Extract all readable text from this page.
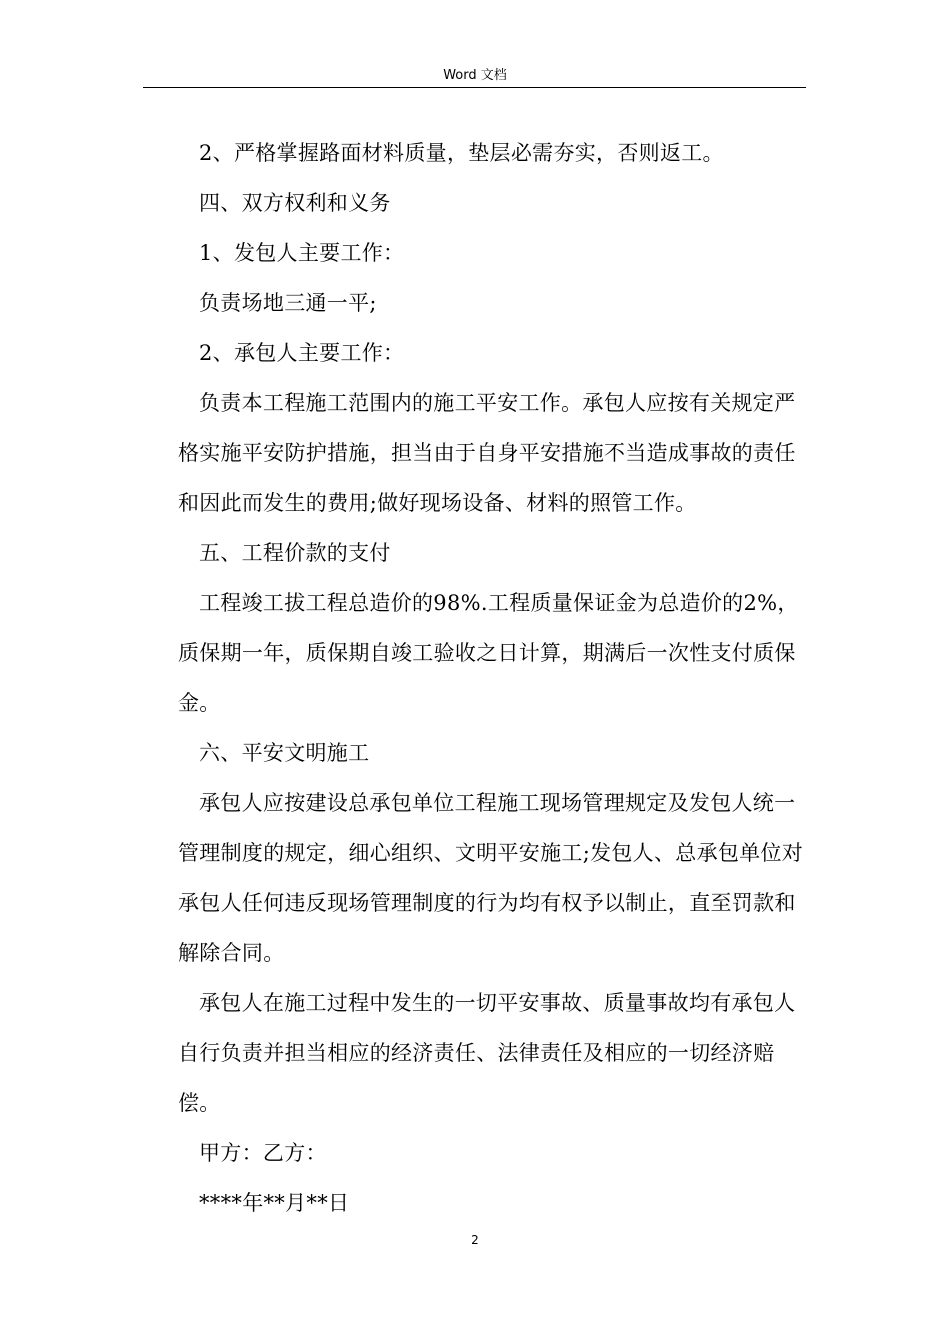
Word 文档

2、严格掌握路面材料质量，垫层必需夯实，否则返工。

四、双方权利和义务

1、发包人主要工作：

负责场地三通一平;

2、承包人主要工作：

负责本工程施工范围内的施工平安工作。承包人应按有关规定严格实施平安防护措施，担当由于自身平安措施不当造成事故的责任和因此而发生的费用;做好现场设备、材料的照管工作。

五、工程价款的支付

工程竣工拔工程总造价的98%.工程质量保证金为总造价的2%，质保期一年，质保期自竣工验收之日计算，期满后一次性支付质保金。

六、平安文明施工

承包人应按建设总承包单位工程施工现场管理规定及发包人统一管理制度的规定，细心组织、文明平安施工;发包人、总承包单位对承包人任何违反现场管理制度的行为均有权予以制止，直至罚款和解除合同。

承包人在施工过程中发生的一切平安事故、质量事故均有承包人自行负责并担当相应的经济责任、法律责任及相应的一切经济赔偿。

甲方：乙方：

****年**月**日

2
